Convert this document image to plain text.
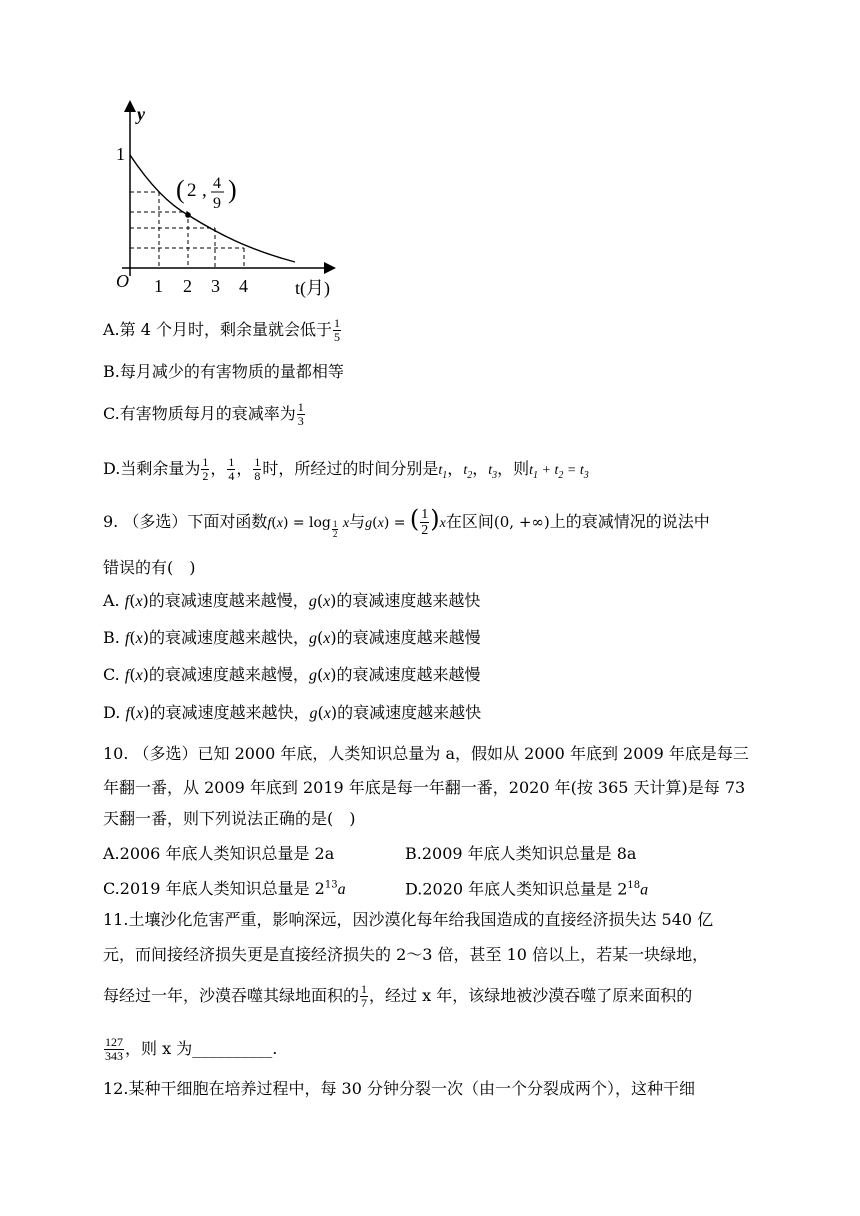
y
1
O 1 2 3 4	t(月)
( 2 , 4
9 )
A.第 4 个月时，剩余量就会低于 $\frac{1}{5}$
B.每月减少的有害物质的量都相等
C.有害物质每月的衰减率为 $\frac{1}{3}$
D.当剩余量为 $\frac{1}{2}$ ， $\frac{1}{4}$ ， $\frac{1}{8}$ 时，所经过的时间分别是$t_1$，$t_2$，$t_3$，则$t_1 + t_2 = t_3$
9. （多选）下面对函数$f(x) = \log \frac{1}{2}$ x与g(x) = ( $\frac{1}{2} )x$在区间(0, +∞)上的衰减情况的说法中
错误的有(　)
A. f(x)的衰减速度越来越慢，g(x)的衰减速度越来越快
B. f(x)的衰减速度越来越快，g(x)的衰减速度越来越慢
C. f(x)的衰减速度越来越慢，g(x)的衰减速度越来越慢
D. f(x)的衰减速度越来越快，g(x)的衰减速度越来越快
10. （多选）已知 2000 年底，人类知识总量为 a，假如从 2000 年底到 2009 年底是每三
年翻一番，从 2009 年底到 2019 年底是每一年翻一番，2020 年(按 365 天计算)是每 73
天翻一番，则下列说法正确的是(　)
A.2006 年底人类知识总量是 2a	B.2009 年底人类知识总量是 8a
C.2019 年底人类知识总量是 $2^{13}a$	D.2020 年底人类知识总量是 $2^{18}a$
11.土壤沙化危害严重，影响深远，因沙漠化每年给我国造成的直接经济损失达 540 亿
元，而间接经济损失更是直接经济损失的 2～3 倍，甚至 10 倍以上，若某一块绿地，
每经过一年，沙漠吞噬其绿地面积的 $\frac{1}{7}$ ，经过 x 年，该绿地被沙漠吞噬了原来面积的
$\frac{127}{343}$ ，则 x 为__________.
12.某种干细胞在培养过程中，每 30 分钟分裂一次（由一个分裂成两个），这种干细
